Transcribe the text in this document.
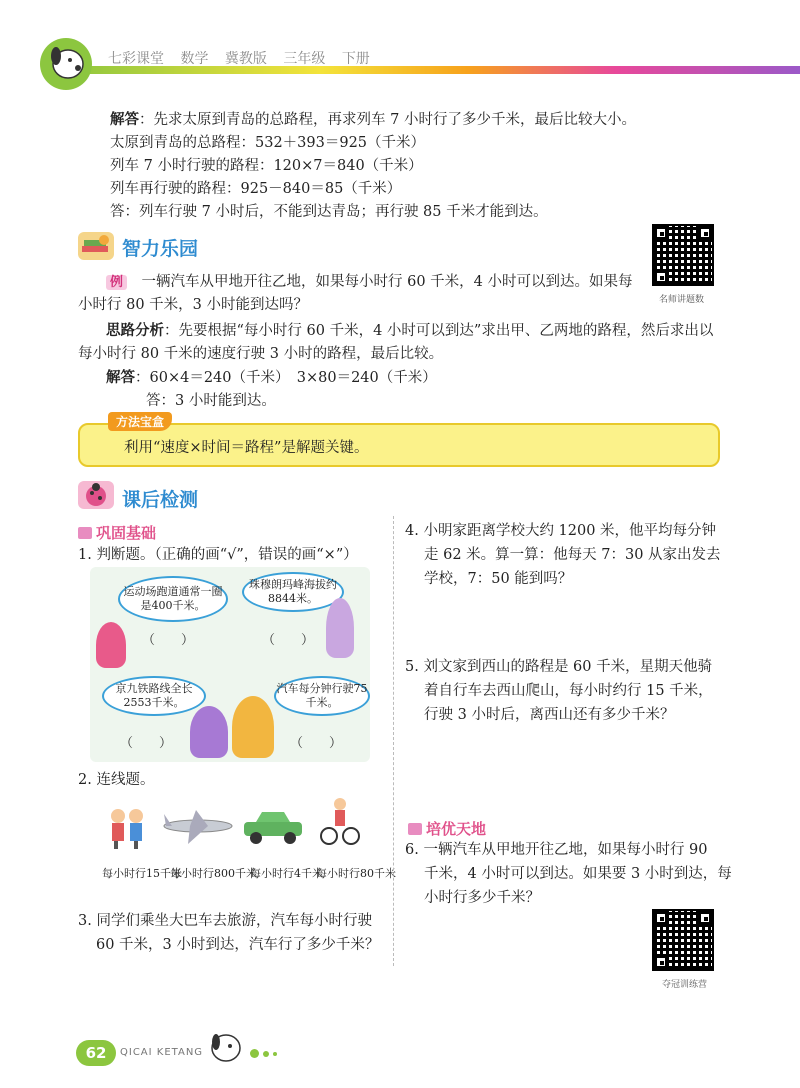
七彩课堂 数学 冀教版 三年级 下册
解答：先求太原到青岛的总路程，再求列车 7 小时行了多少千米，最后比较大小。
太原到青岛的总路程：532＋393＝925（千米）
列车 7 小时行驶的路程：120×7＝840（千米）
列车再行驶的路程：925－840＝85（千米）
答：列车行驶 7 小时后，不能到达青岛；再行驶 85 千米才能到达。
智力乐园
名师讲题数
例　 一辆汽车从甲地开往乙地，如果每小时行 60 千米，4 小时可以到达。如果每
小时行 80 千米，3 小时能到达吗？
思路分析：先要根据“每小时行 60 千米，4 小时可以到达”求出甲、乙两地的路程，然后求出以
每小时行 80 千米的速度行驶 3 小时的路程，最后比较。
解答：60×4＝240（千米）　3×80＝240（千米）
答：3 小时能到达。
方法宝盒
利用“速度×时间＝路程”是解题关键。
课后检测
巩固基础
1. 判断题。（正确的画“√”，错误的画“×”）
运动场跑道通常一圈是400千米。
珠穆朗玛峰海拔约8844米。
京九铁路线全长2553千米。
汽车每分钟行驶75千米。
（　　）	（　　）
（　　）	（　　）
2. 连线题。
每小时行15千米
每小时行800千米
每小时行4千米
每小时行80千米
3. 同学们乘坐大巴车去旅游，汽车每小时行驶
60 千米，3 小时到达，汽车行了多少千米？
4. 小明家距离学校大约 1200 米，他平均每分钟
走 62 米。算一算：他每天 7：30 从家出发去
学校，7：50 能到吗？
5. 刘文家到西山的路程是 60 千米，星期天他骑
着自行车去西山爬山，每小时约行 15 千米，
行驶 3 小时后，离西山还有多少千米？
培优天地
6. 一辆汽车从甲地开往乙地，如果每小时行 90
千米，4 小时可以到达。如果要 3 小时到达，每
小时行多少千米？
夺冠训练营
62	QICAI KETANG
